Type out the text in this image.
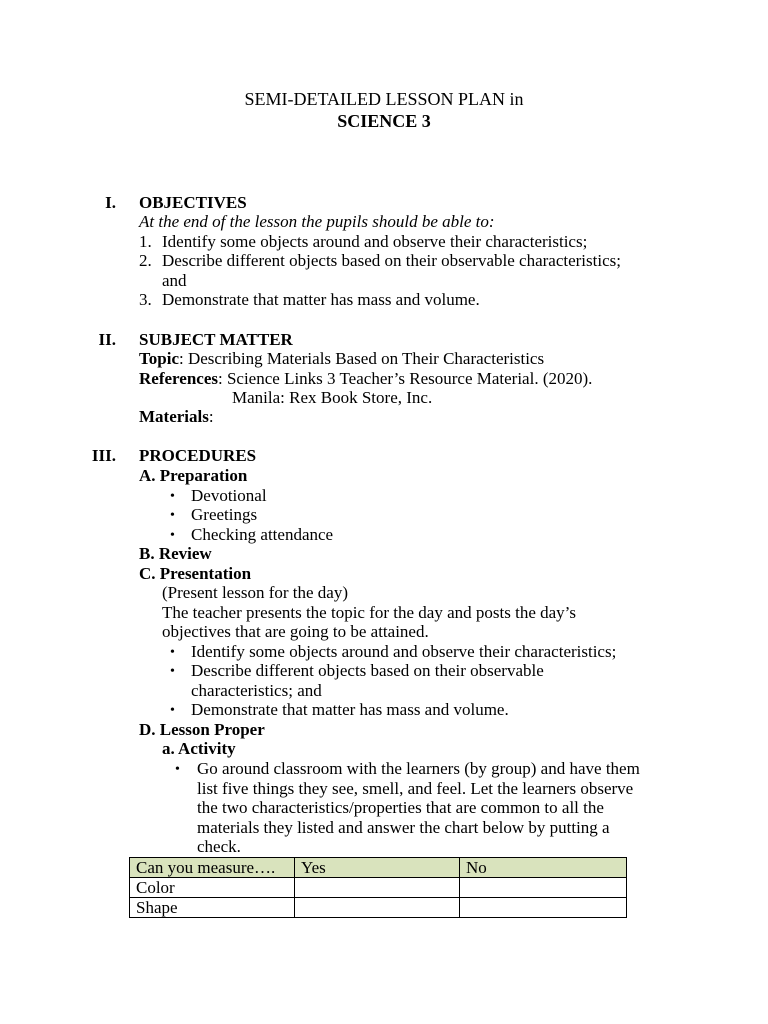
SEMI-DETAILED LESSON PLAN in
SCIENCE 3
I. OBJECTIVES
At the end of the lesson the pupils should be able to:
1. Identify some objects around and observe their characteristics;
2. Describe different objects based on their observable characteristics;
and
3. Demonstrate that matter has mass and volume.
II. SUBJECT MATTER
Topic: Describing Materials Based on Their Characteristics
References: Science Links 3 Teacher’s Resource Material. (2020).
Manila: Rex Book Store, Inc.
Materials:
III. PROCEDURES
A. Preparation
• Devotional
• Greetings
• Checking attendance
B. Review
C. Presentation
(Present lesson for the day)
The teacher presents the topic for the day and posts the day’s
objectives that are going to be attained.
• Identify some objects around and observe their characteristics;
• Describe different objects based on their observable
characteristics; and
• Demonstrate that matter has mass and volume.
D. Lesson Proper
a. Activity
• Go around classroom with the learners (by group) and have them
list five things they see, smell, and feel. Let the learners observe
the two characteristics/properties that are common to all the
materials they listed and answer the chart below by putting a
check.
Can you measure….	Yes	No
Color		
Shape		
